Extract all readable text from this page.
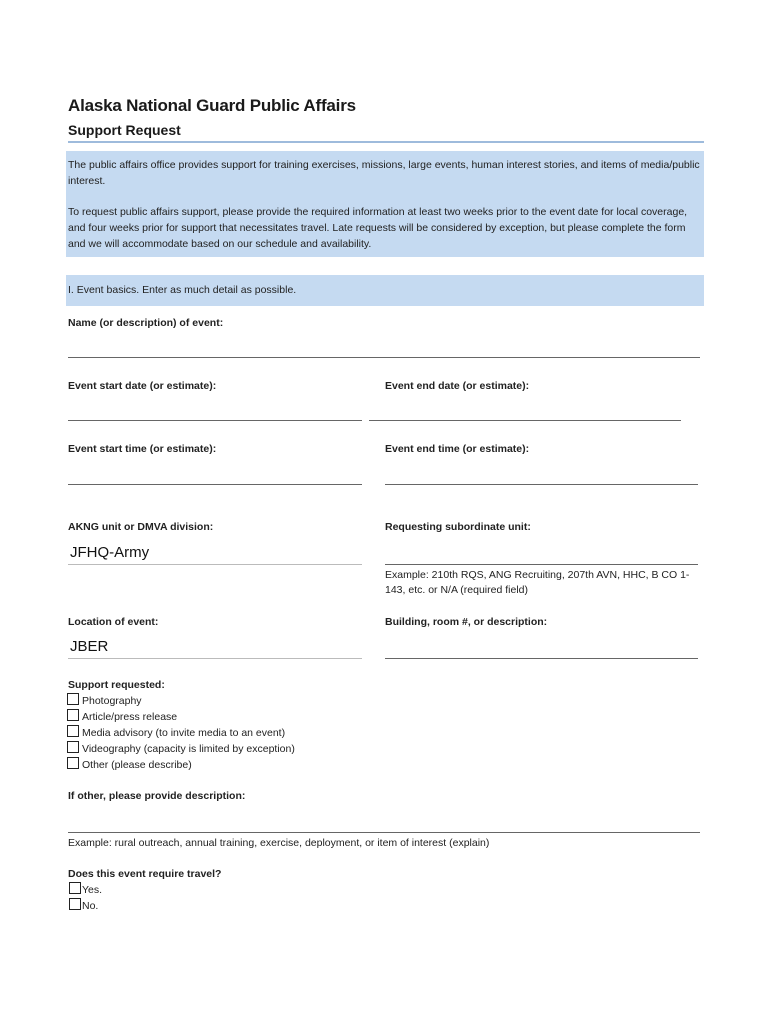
Alaska National Guard Public Affairs
Support Request

The public affairs office provides support for training exercises, missions, large events, human interest stories, and items of media/public interest.

To request public affairs support, please provide the required information at least two weeks prior to the event date for local coverage, and four weeks prior for support that necessitates travel. Late requests will be considered by exception, but please complete the form and we will accommodate based on our schedule and availability.

I. Event basics. Enter as much detail as possible.
Name (or description) of event:
Event start date (or estimate):	Event end date (or estimate):
Event start time (or estimate):	Event end time (or estimate):
AKNG unit or DMVA division:
JFHQ-Army
Requesting subordinate unit:
Example: 210th RQS, ANG Recruiting, 207th AVN, HHC, B CO 1-143, etc. or N/A (required field)
Location of event:
JBER
Building, room #, or description:
Support requested:
Photography
Article/press release
Media advisory (to invite media to an event)
Videography (capacity is limited by exception)
Other (please describe)
If other, please provide description:
Example: rural outreach, annual training, exercise, deployment, or item of interest (explain)
Does this event require travel?
Yes.
No.
